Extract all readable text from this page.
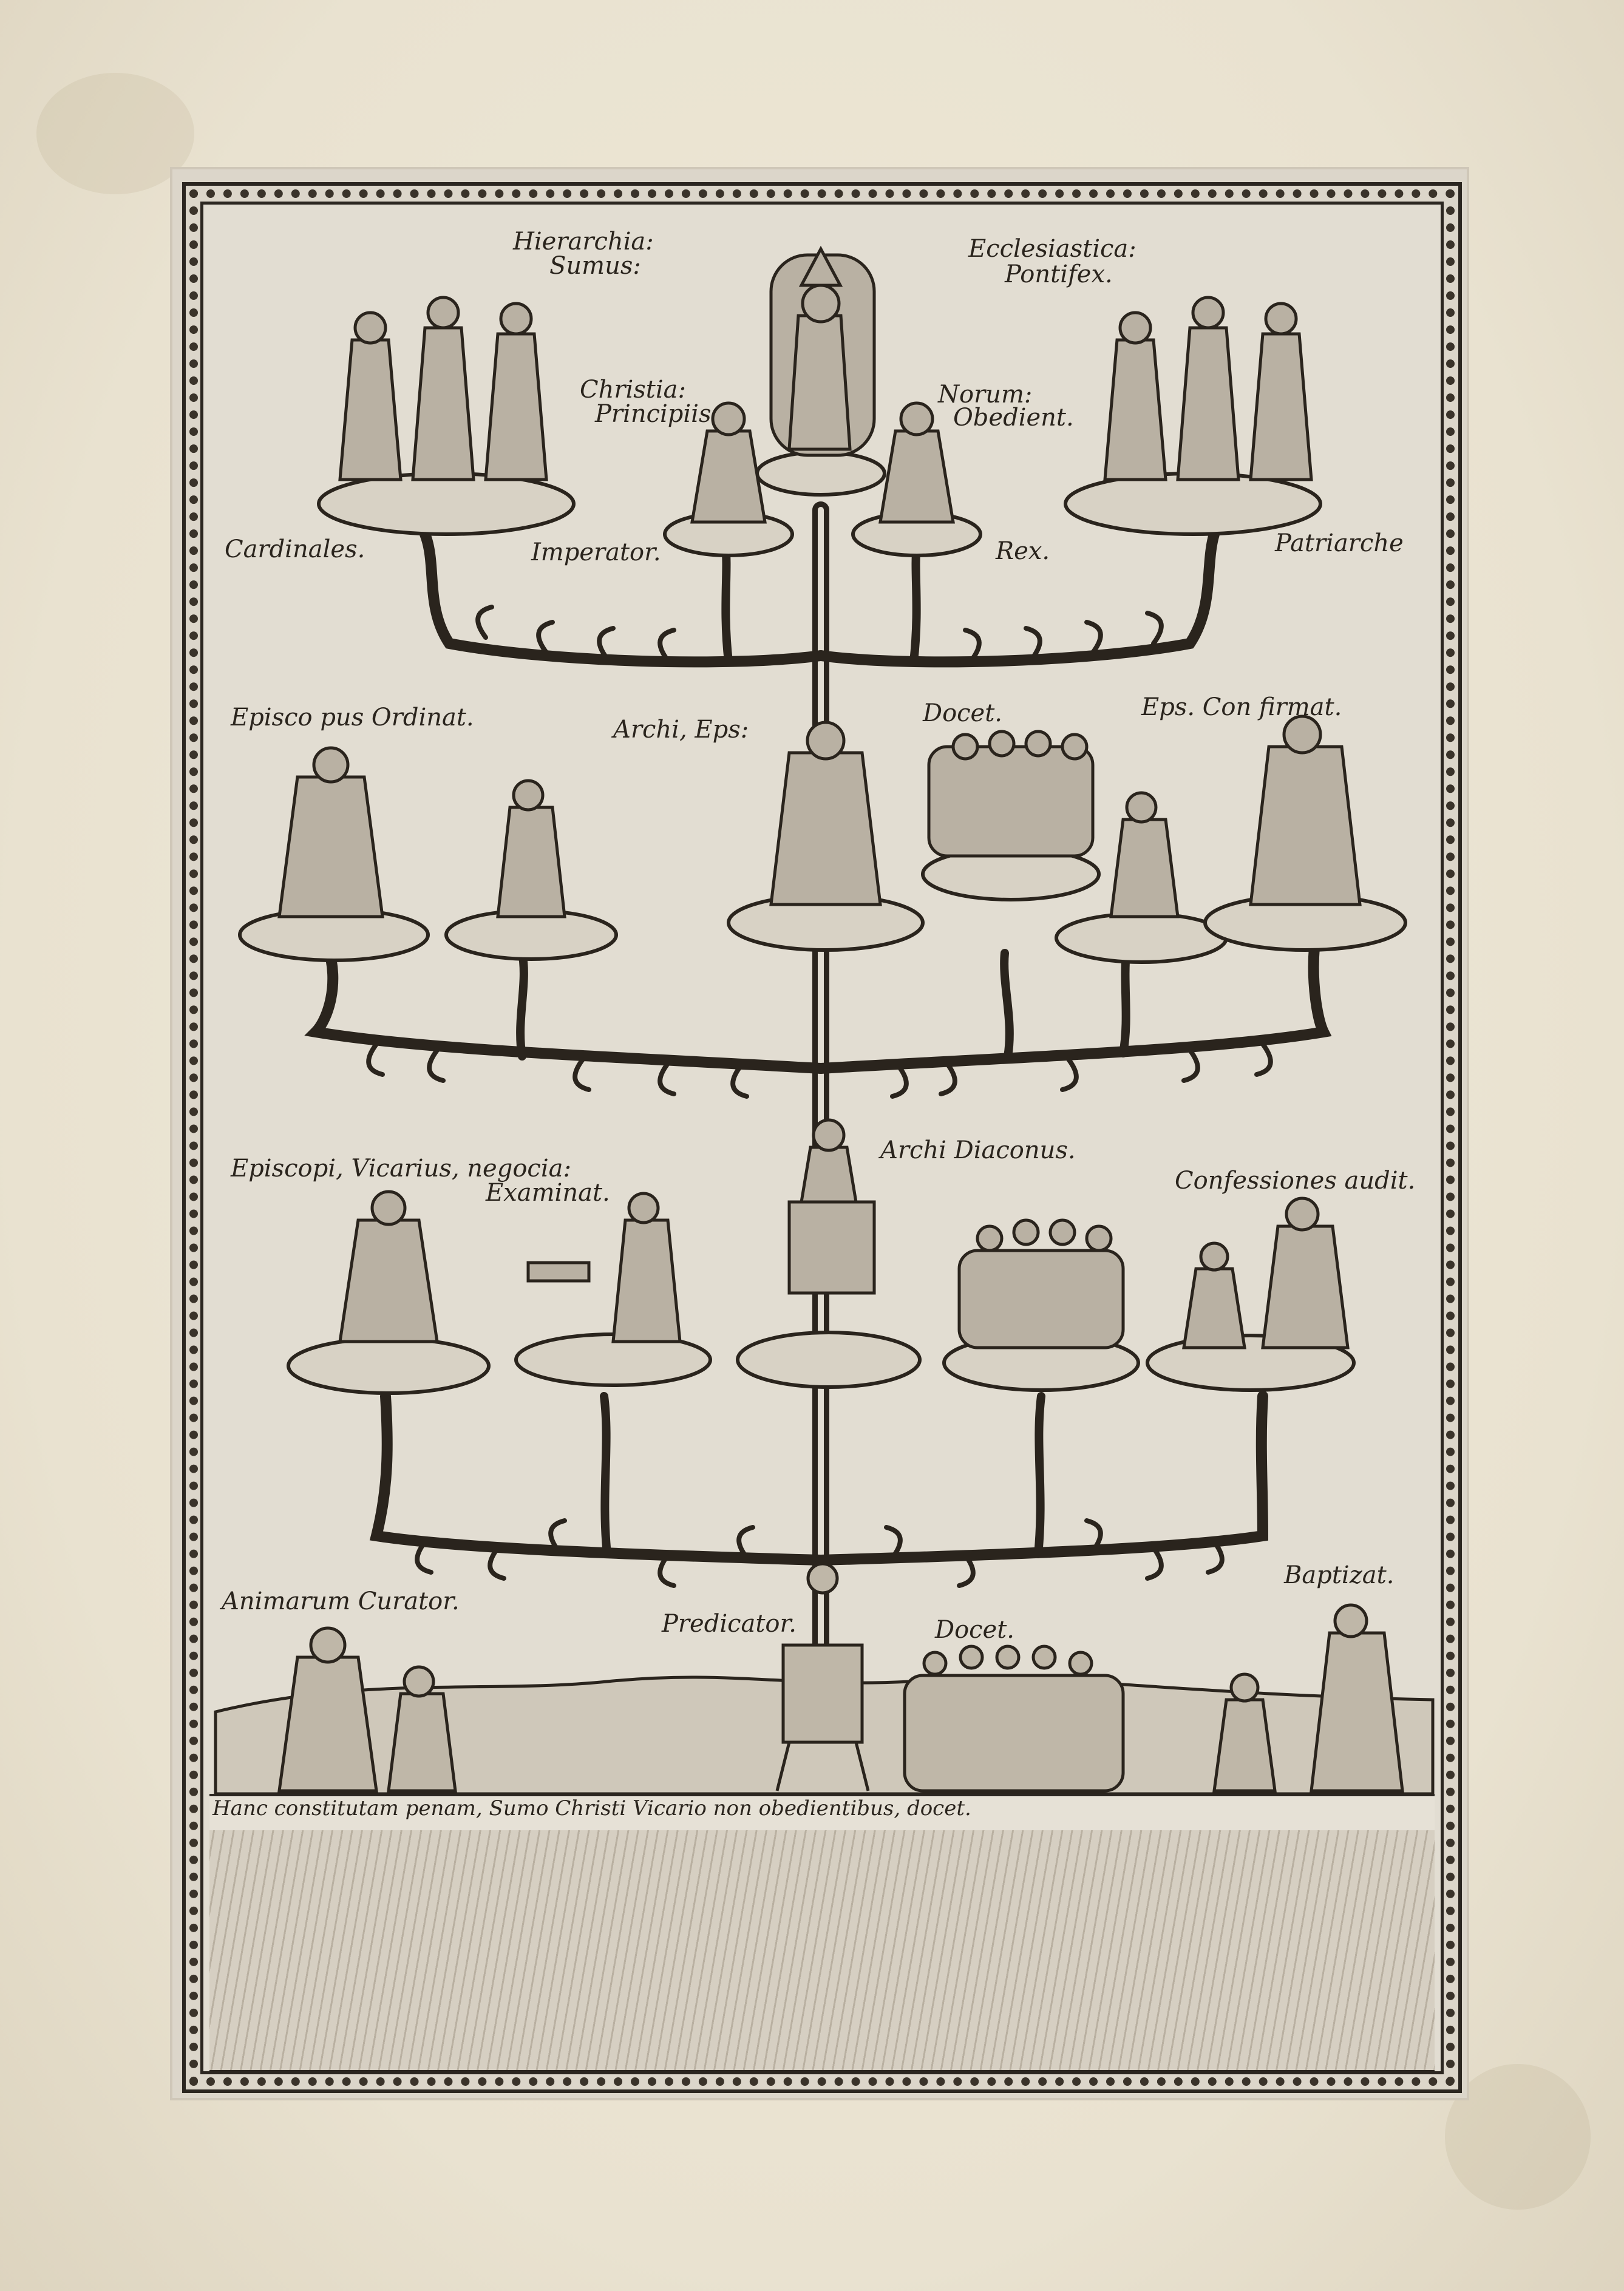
Hierarchia:
Sumus:
Ecclesiastica:
Pontifex.
Christia:
Principiis
Norum:
Obedient.
Cardinales.	Imperator.	Rex.	Patriarche
Episco pus Ordinat.	Archi, Eps:
Docet.	Eps. Con firmat.
Archi Diaconus.
Episcopi, Vicarius, negocia:
Examinat.	Confessiones audit.
Animarum Curator.
Predicator.	Docet.
Baptizat.
Hanc constitutam penam, Sumo Christi Vicario non obedientibus, docet.
